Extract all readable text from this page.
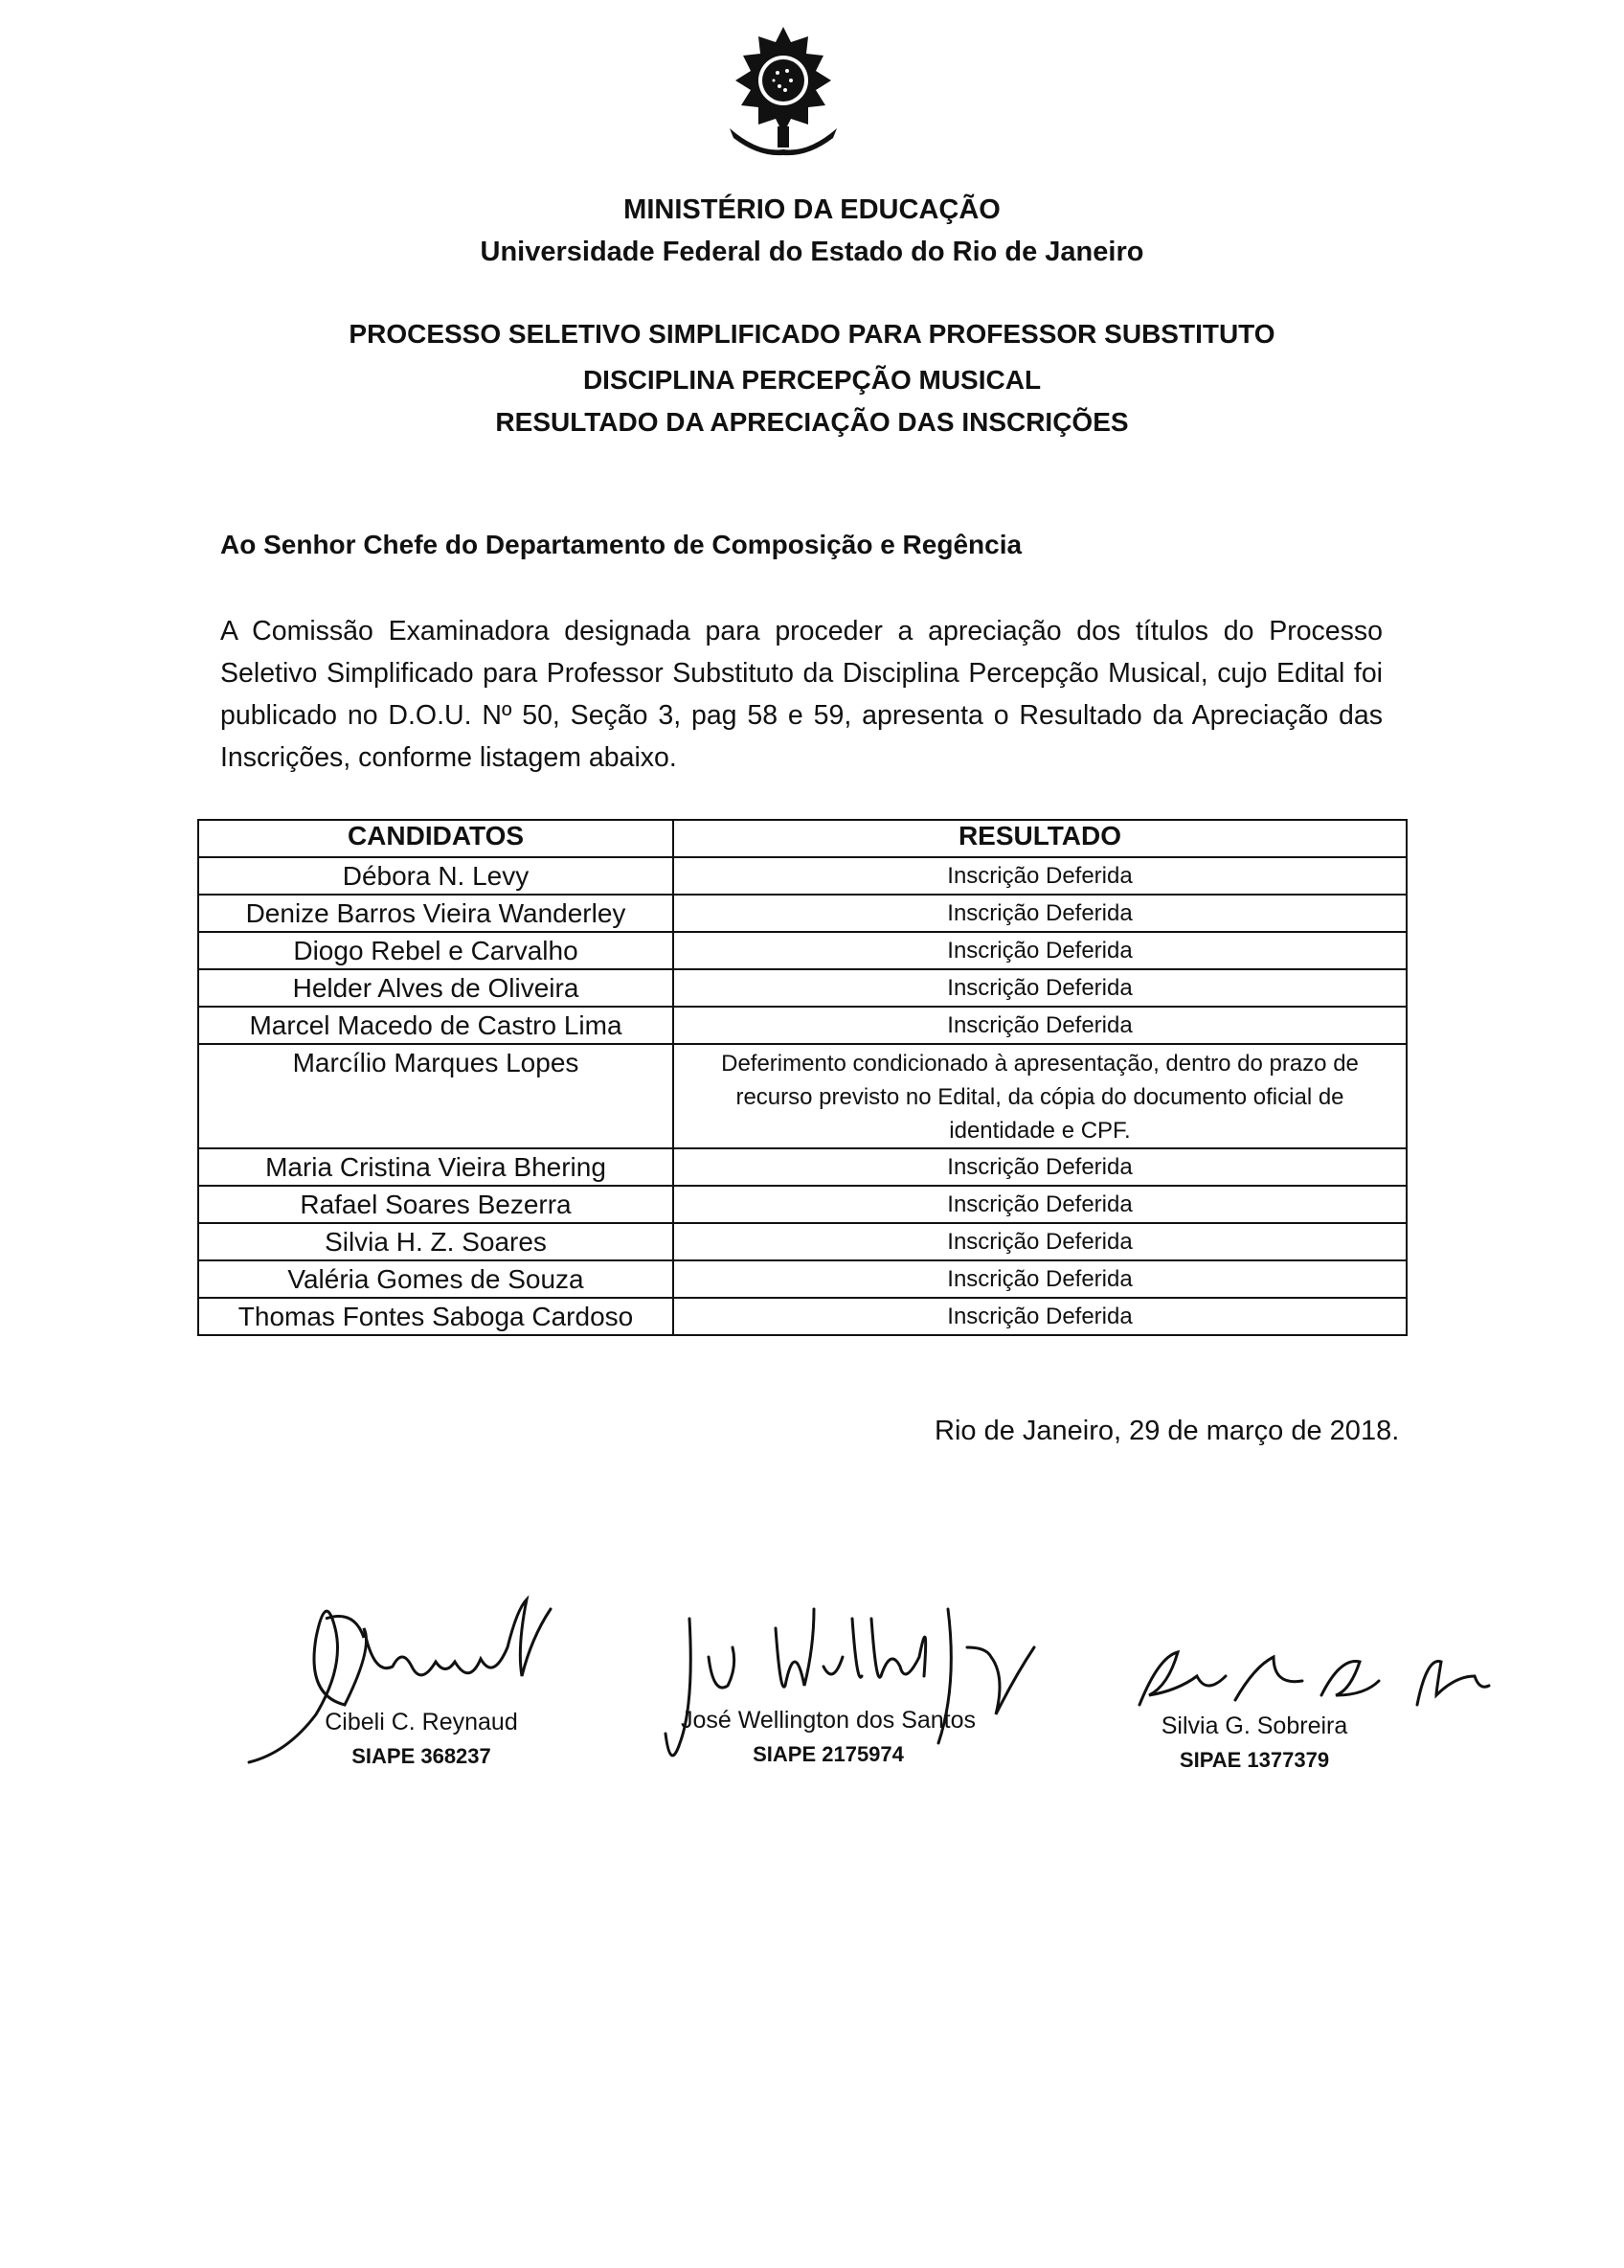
MINISTÉRIO DA EDUCAÇÃO
Universidade Federal do Estado do Rio de Janeiro
PROCESSO SELETIVO SIMPLIFICADO PARA PROFESSOR SUBSTITUTO
DISCIPLINA PERCEPÇÃO MUSICAL
RESULTADO DA APRECIAÇÃO DAS INSCRIÇÕES
Ao Senhor Chefe do Departamento de Composição e Regência
A Comissão Examinadora designada para proceder a apreciação dos títulos do Processo Seletivo Simplificado para Professor Substituto da Disciplina Percepção Musical, cujo Edital foi publicado no D.O.U. Nº 50, Seção 3, pag 58 e 59, apresenta o Resultado da Apreciação das Inscrições, conforme listagem abaixo.
CANDIDATOS	RESULTADO
Débora N. Levy	Inscrição Deferida
Denize Barros Vieira Wanderley	Inscrição Deferida
Diogo Rebel e Carvalho	Inscrição Deferida
Helder Alves de Oliveira	Inscrição Deferida
Marcel Macedo de Castro Lima	Inscrição Deferida
Marcílio Marques Lopes	Deferimento condicionado à apresentação, dentro do prazo de recurso previsto no Edital, da cópia do documento oficial de identidade e CPF.
Maria Cristina Vieira Bhering	Inscrição Deferida
Rafael Soares Bezerra	Inscrição Deferida
Silvia H. Z. Soares	Inscrição Deferida
Valéria Gomes de Souza	Inscrição Deferida
Thomas Fontes Saboga Cardoso	Inscrição Deferida
Rio de Janeiro, 29 de março de 2018.
Cibeli C. Reynaud
SIAPE 368237
José Wellington dos Santos
SIAPE 2175974
Silvia G. Sobreira
SIPAE 1377379
